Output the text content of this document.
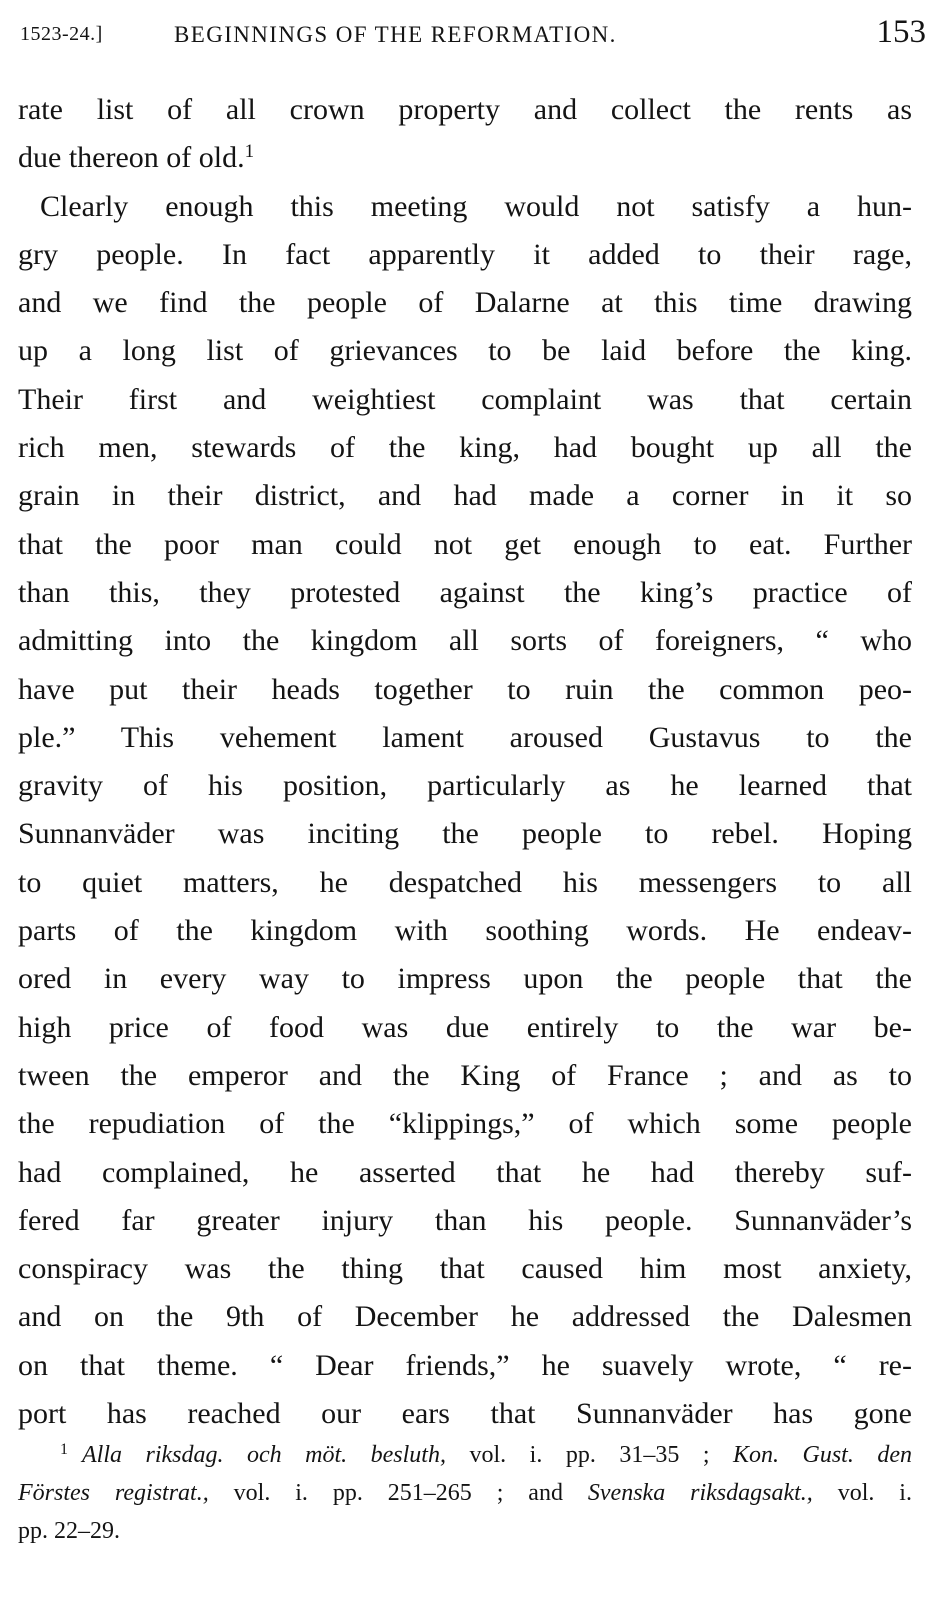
1523-24.]	BEGINNINGS OF THE REFORMATION.	153
rate list of all crown property and collect the rents as
due thereon of old.$^1$
Clearly enough this meeting would not satisfy a hun-
gry people. In fact apparently it added to their rage,
and we find the people of Dalarne at this time drawing
up a long list of grievances to be laid before the king.
Their first and weightiest complaint was that certain
rich men, stewards of the king, had bought up all the
grain in their district, and had made a corner in it so
that the poor man could not get enough to eat. Further
than this, they protested against the king’s practice of
admitting into the kingdom all sorts of foreigners, “ who
have put their heads together to ruin the common peo-
ple.” This vehement lament aroused Gustavus to the
gravity of his position, particularly as he learned that
Sunnanväder was inciting the people to rebel. Hoping
to quiet matters, he despatched his messengers to all
parts of the kingdom with soothing words. He endeav-
ored in every way to impress upon the people that the
high price of food was due entirely to the war be-
tween the emperor and the King of France ; and as to
the repudiation of the “klippings,” of which some people
had complained, he asserted that he had thereby suf-
fered far greater injury than his people. Sunnanväder’s
conspiracy was the thing that caused him most anxiety,
and on the 9th of December he addressed the Dalesmen
on that theme. “ Dear friends,” he suavely wrote, “ re-
port has reached our ears that Sunnanväder has gone
$^1$ Alla riksdag. och möt. besluth, vol. i. pp. 31–35 ; Kon. Gust. den
Förstes registrat., vol. i. pp. 251–265 ; and Svenska riksdagsakt., vol. i.
pp. 22–29.
